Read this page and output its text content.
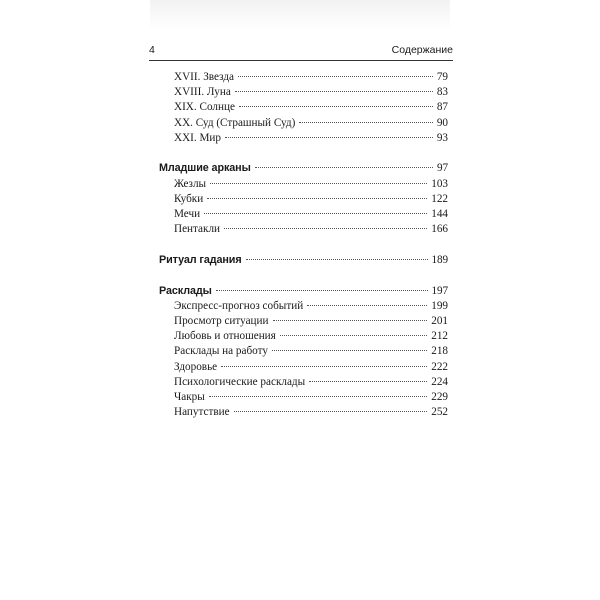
4	Содержание
XVII. Звезда	79
XVIII. Луна	83
XIX. Солнце	87
XX. Суд (Страшный Суд)	90
XXI. Мир	93
Младшие арканы	97
Жезлы	103
Кубки	122
Мечи	144
Пентакли	166
Ритуал гадания	189
Расклады	197
Экспресс-прогноз событий	199
Просмотр ситуации	201
Любовь и отношения	212
Расклады на работу	218
Здоровье	222
Психологические расклады	224
Чакры	229
Напутствие	252
